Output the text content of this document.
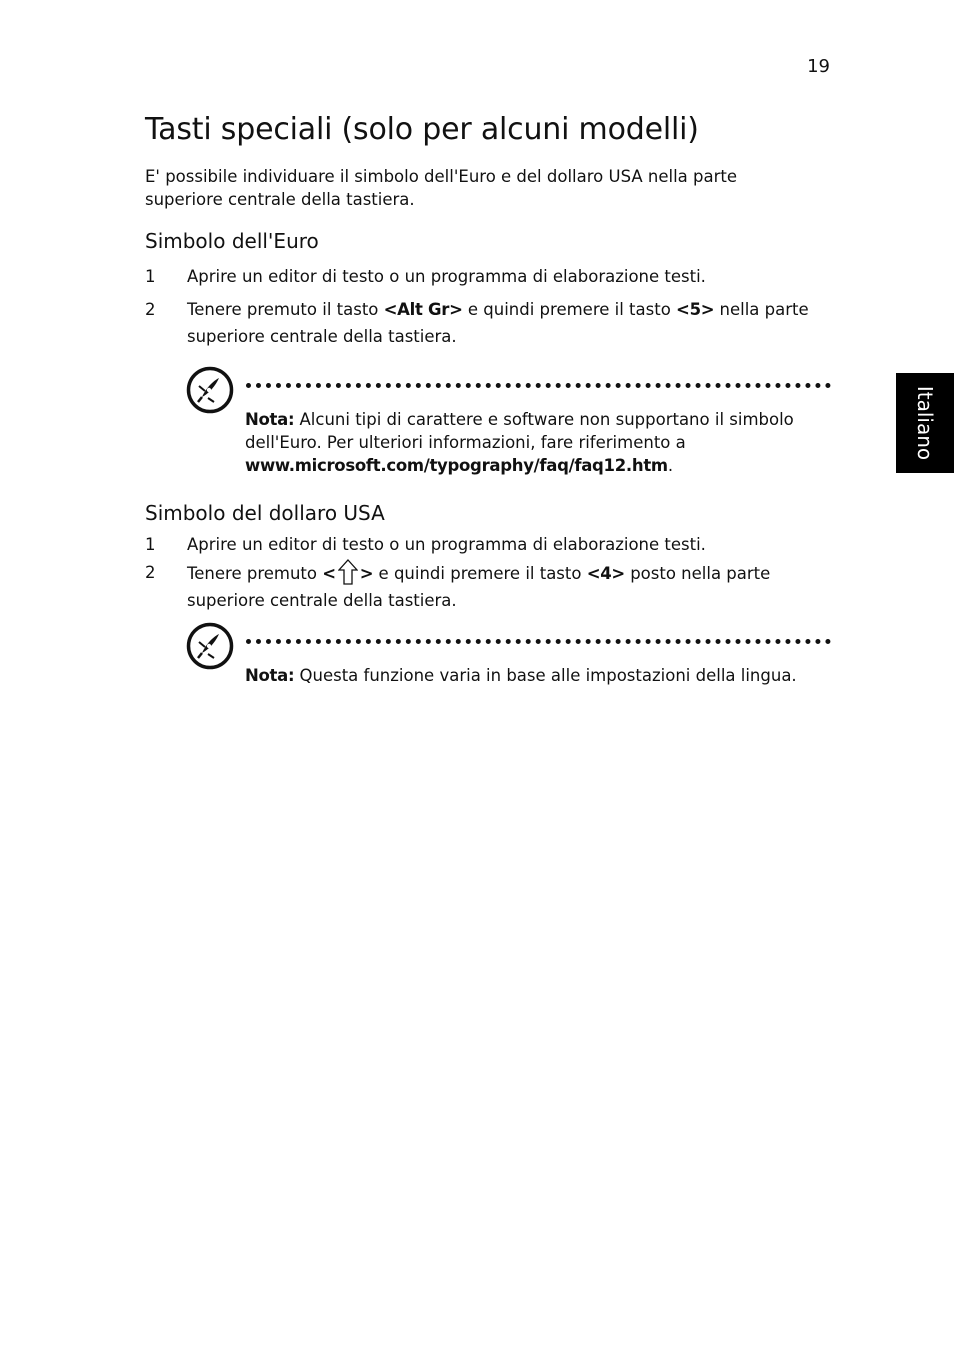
19
Tasti speciali (solo per alcuni modelli)

E' possibile individuare il simbolo dell'Euro e del dollaro USA nella parte superiore centrale della tastiera.

Simbolo dell'Euro
1	Aprire un editor di testo o un programma di elaborazione testi.
2	Tenere premuto il tasto <Alt Gr> e quindi premere il tasto <5> nella parte superiore centrale della tastiera.
Nota: Alcuni tipi di carattere e software non supportano il simbolo dell'Euro. Per ulteriori informazioni, fare riferimento a www.microsoft.com/typography/faq/faq12.htm.
Simbolo del dollaro USA
1	Aprire un editor di testo o un programma di elaborazione testi.
2	Tenere premuto < > e quindi premere il tasto <4> posto nella parte superiore centrale della tastiera.
Nota: Questa funzione varia in base alle impostazioni della lingua.
Italiano
